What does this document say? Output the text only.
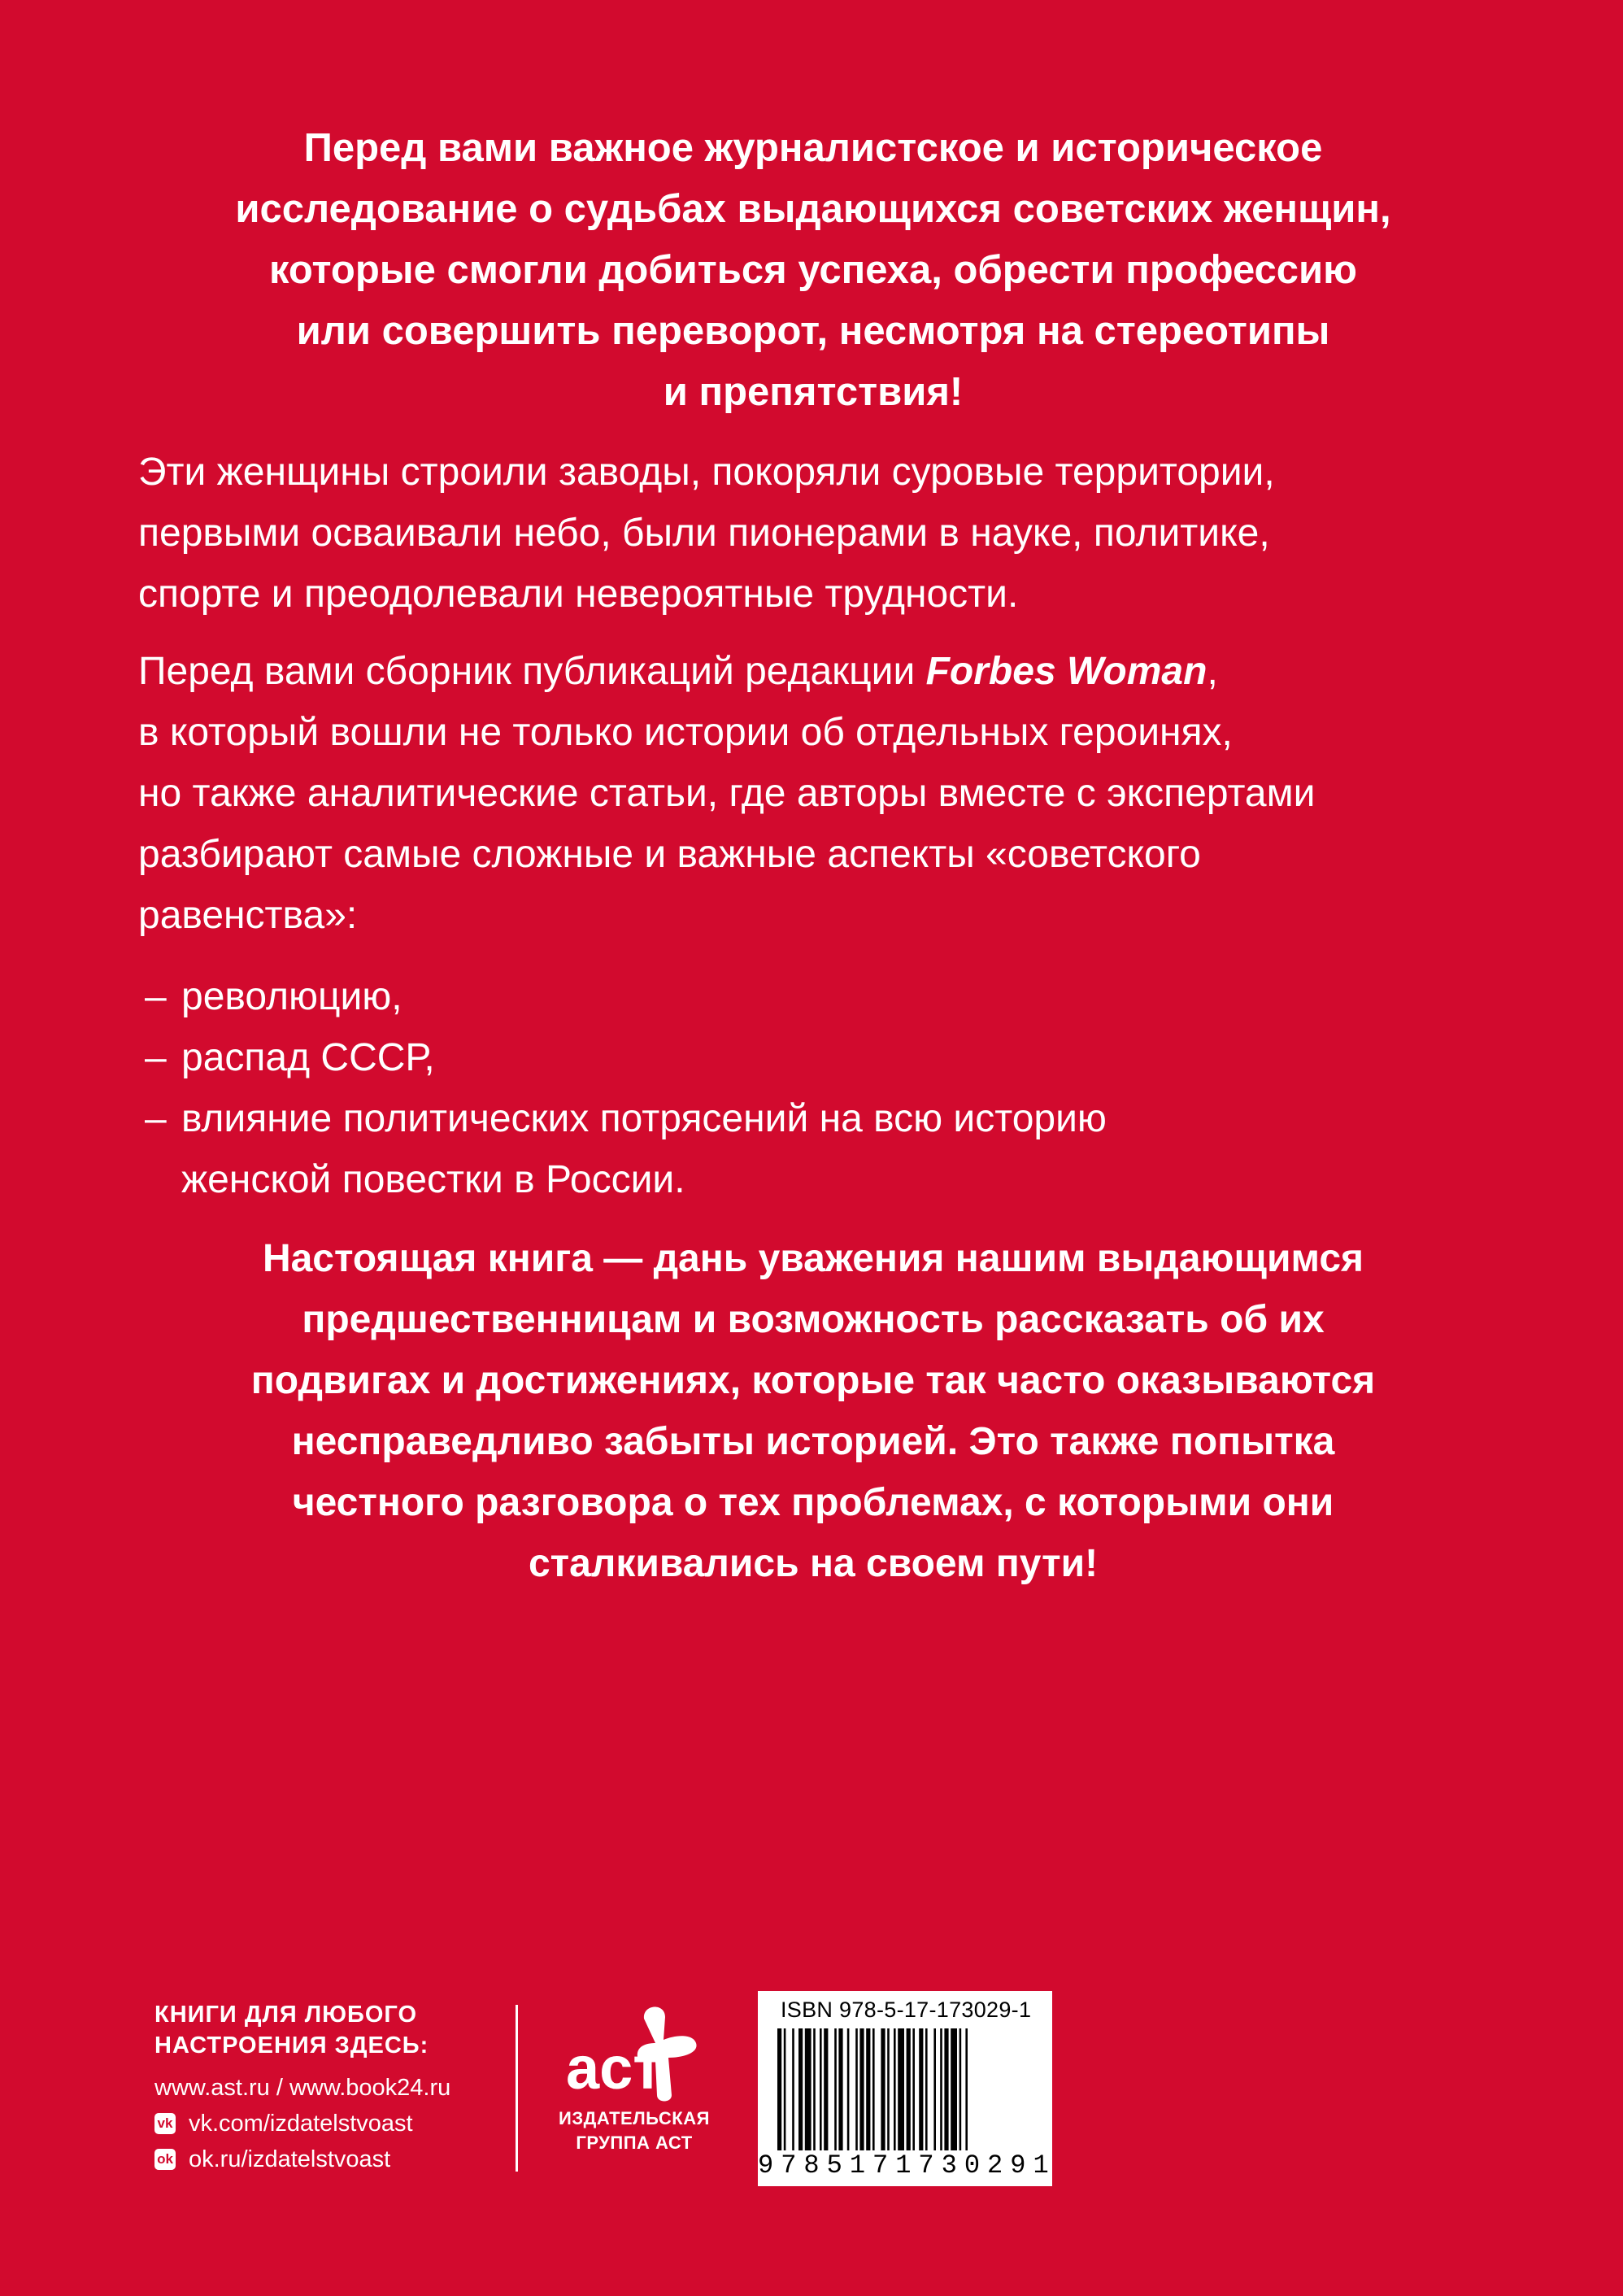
Перед вами важное журналистское и историческое
исследование о судьбах выдающихся советских женщин,
которые смогли добиться успеха, обрести профессию
или совершить переворот, несмотря на стереотипы
и препятствия!
Эти женщины строили заводы, покоряли суровые территории,
первыми осваивали небо, были пионерами в науке, политике,
спорте и преодолевали невероятные трудности.
Перед вами сборник публикаций редакции Forbes Woman,
в который вошли не только истории об отдельных героинях,
но также аналитические статьи, где авторы вместе с экспертами
разбирают самые сложные и важные аспекты «советского
равенства»:
– революцию,
– распад СССР,
– влияние политических потрясений на всю историю
женской повестки в России.
Настоящая книга — дань уважения нашим выдающимся
предшественницам и возможность рассказать об их
подвигах и достижениях, которые так часто оказываются
несправедливо забыты историей. Это также попытка
честного разговора о тех проблемах, с которыми они
сталкивались на своем пути!
КНИГИ ДЛЯ ЛЮБОГО
НАСТРОЕНИЯ ЗДЕСЬ:
www.ast.ru / www.book24.ru
vk vk.com/izdatelstvoast
ok ok.ru/izdatelstvoast
аст
ИЗДАТЕЛЬСКАЯ
ГРУППА АСТ
ISBN 978-5-17-173029-1
9785171730291
